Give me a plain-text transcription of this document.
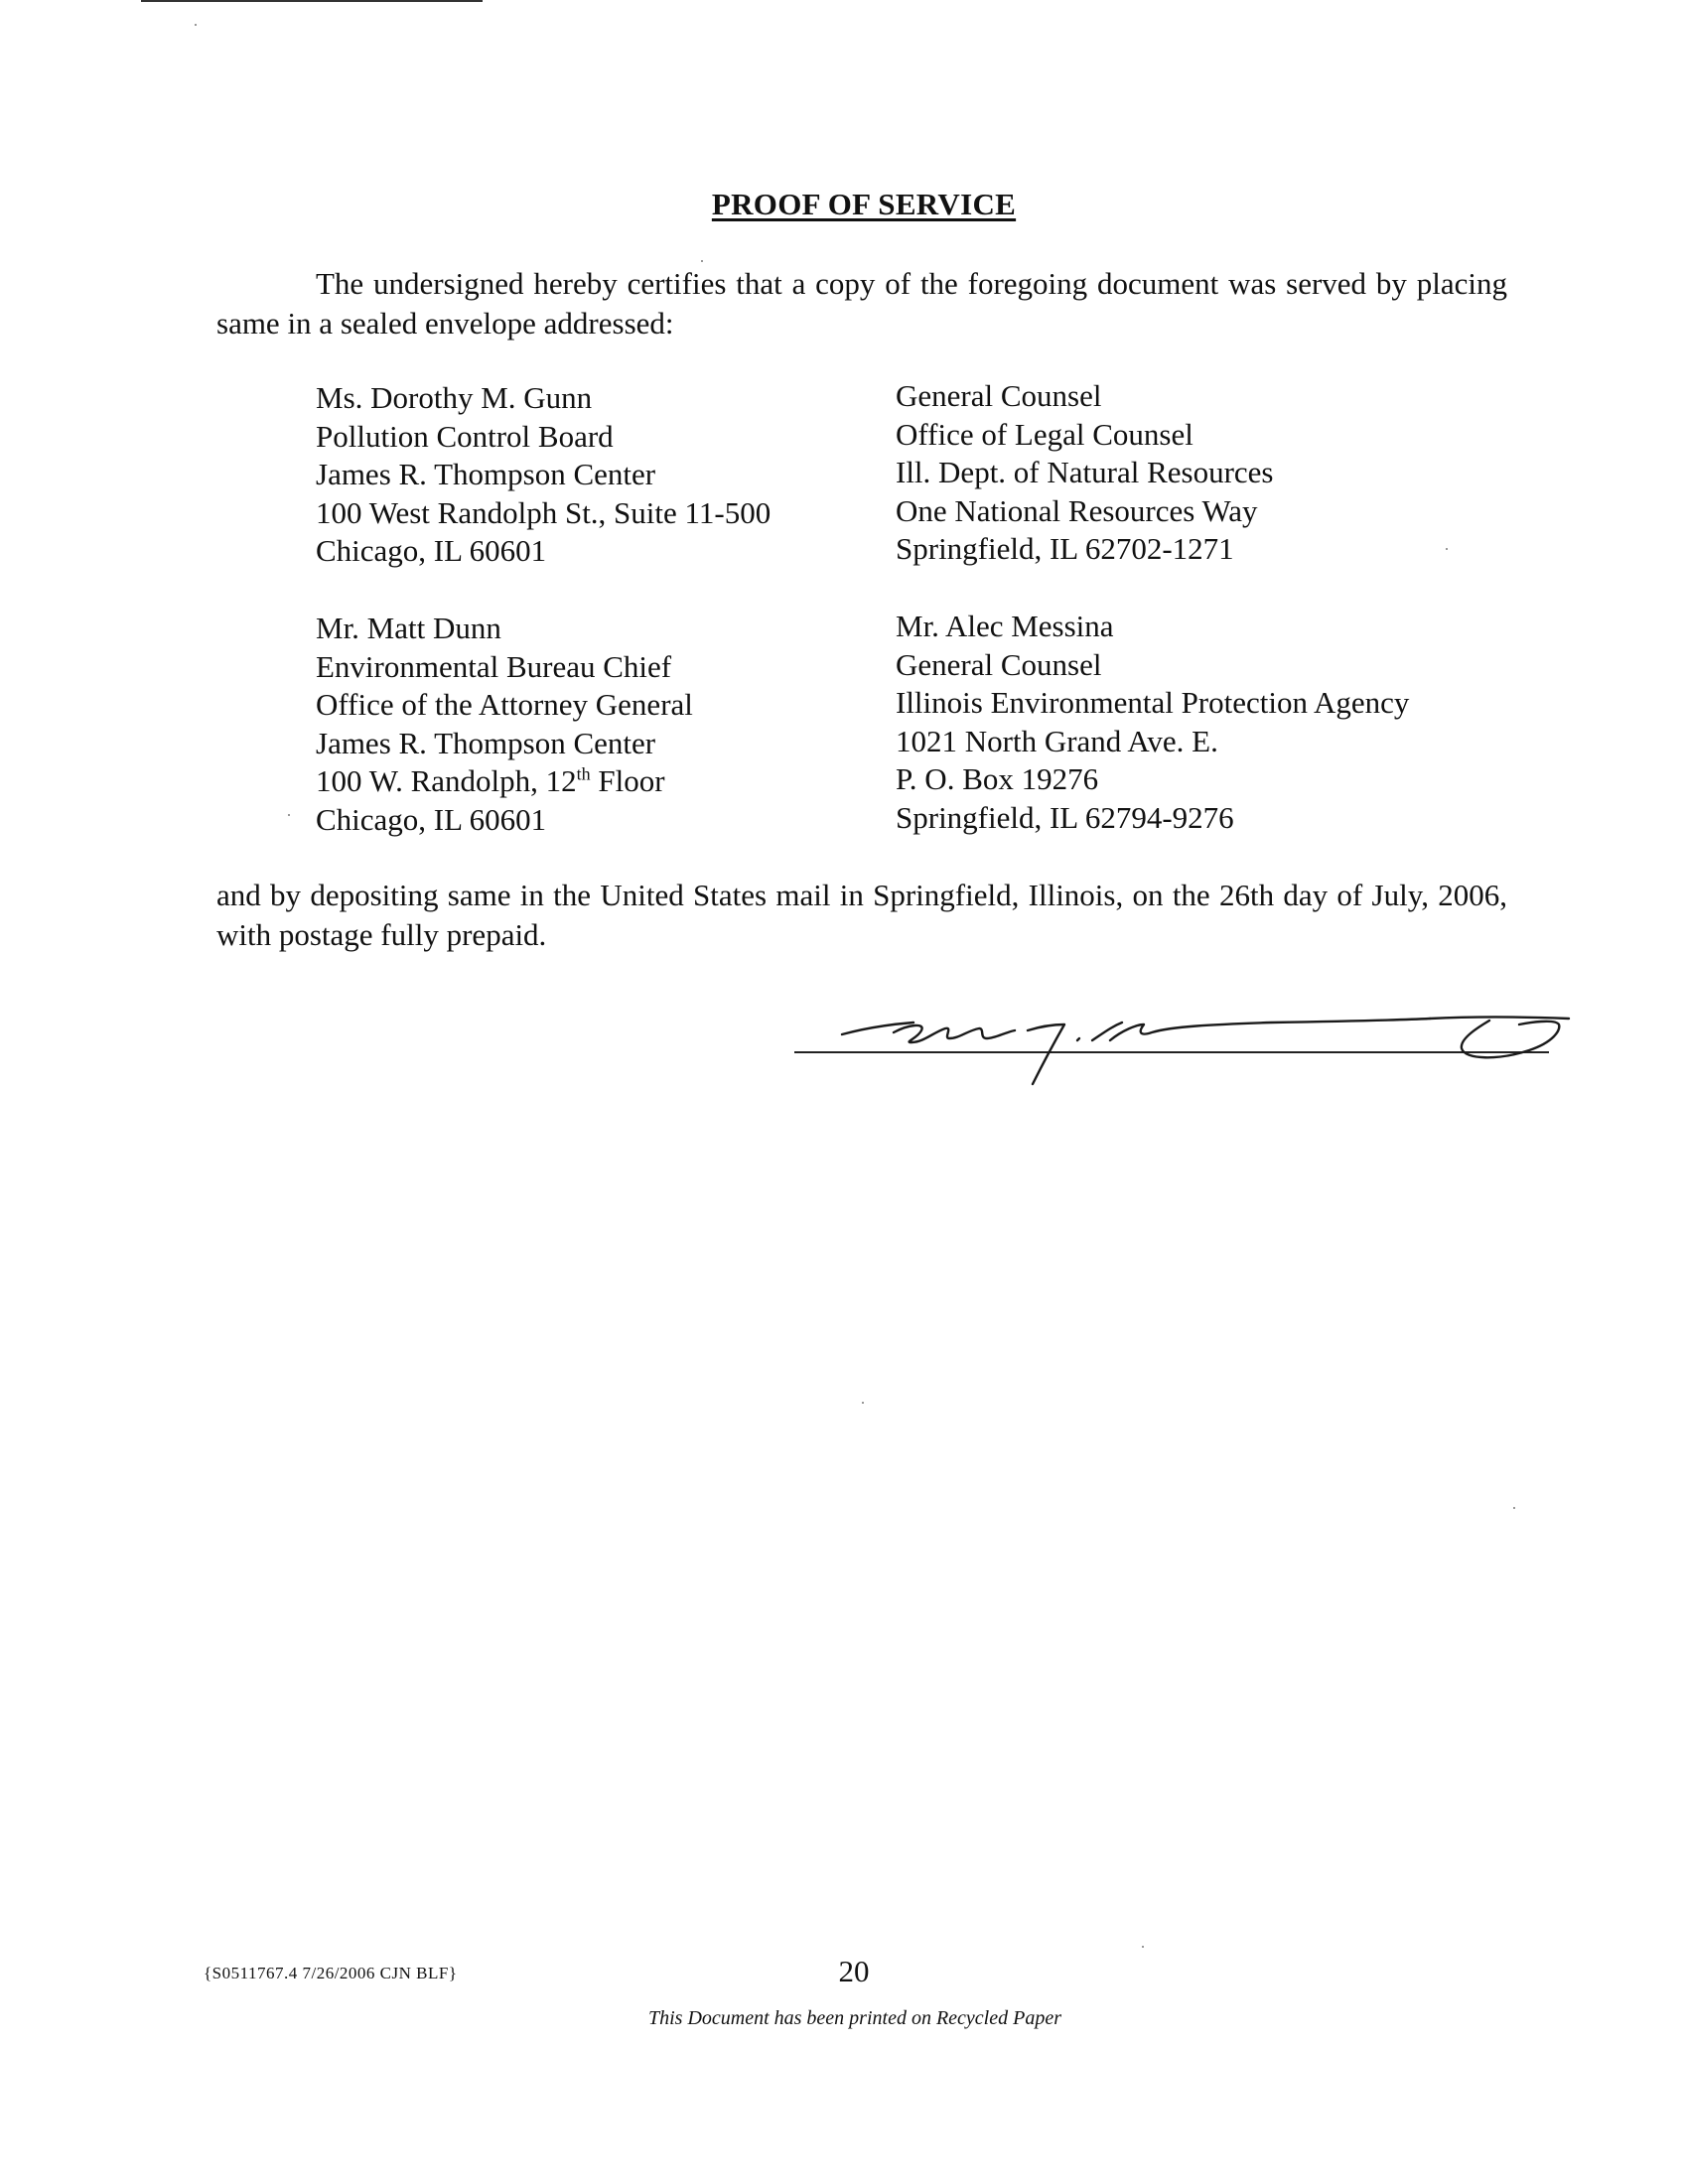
PROOF OF SERVICE
The undersigned hereby certifies that a copy of the foregoing document was served by placing same in a sealed envelope addressed:
Ms. Dorothy M. Gunn
Pollution Control Board
James R. Thompson Center
100 West Randolph St., Suite 11-500
Chicago, IL 60601
General Counsel
Office of Legal Counsel
Ill. Dept. of Natural Resources
One National Resources Way
Springfield, IL 62702-1271
Mr. Matt Dunn
Environmental Bureau Chief
Office of the Attorney General
James R. Thompson Center
100 W. Randolph, 12th Floor
Chicago, IL 60601
Mr. Alec Messina
General Counsel
Illinois Environmental Protection Agency
1021 North Grand Ave. E.
P. O. Box 19276
Springfield, IL 62794-9276
and by depositing same in the United States mail in Springfield, Illinois, on the 26th day of July, 2006, with postage fully prepaid.
{S0511767.4 7/26/2006 CJN BLF}	20
This Document has been printed on Recycled Paper
